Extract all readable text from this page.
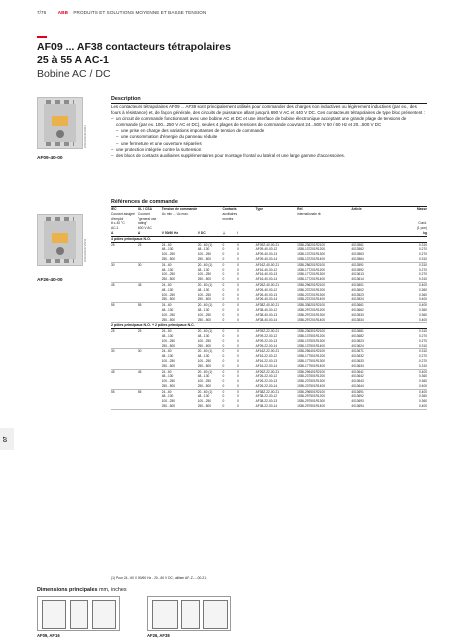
7/76 ABB PRODUITS ET SOLUTIONS MOYENNE ET BASSE TENSION
AF09 ... AF38 contacteurs tétrapolaires
25 à 55 A AC-1
Bobine AC / DC
2CDC221011V0011
AF09-40-00
Description

Les contacteurs tétrapolaires AF09 ... AF38 sont principalement utilisés pour commander des charges non inductives ou légèrement inductives (par ex., des fours à résistance) et, de façon générale, des circuits de puissance allant jusqu'à 690 V AC et 440 V DC. Ces contacteurs tétrapolaires de type bloc présentent :

– un circuit de commande fonctionnant avec une bobine AC et DC et une interface de bobine électronique acceptant une grande plage de tensions de commande (par ex. 100...250 V AC et DC), seules 4 plages de tensions de commande couvrant 24...500 V 50 / 60 Hz et 20...500 V DC
– une prise en charge des variations importantes de tension de commande
– une consommation d'énergie du panneau réduite
– une fermeture et une ouverture séparées
– une protection intégrée contre la surtension
– des blocs de contacts auxiliaires supplémentaires pour montage frontal ou latéral et une large gamme d'accessoires.
Références de commande
2CDC221007V0011
AF26-40-00
IEC	UL / CSA	Tension de commande		Contacts		Type	Réf.	Article	Masse
Courant assigné	Courant	Uc min ... Uc max.		auxiliaires			internationale ⊕		
d'emploi	"general use			montés					
θ ≤ 40 °C	rating"								Cond.
AC-1	600 V AC								(1 pce)
A	A	V 50/60 Hz	V DC	⊥	/				kg
4 pôles principaux N.O.									
25	25	24...60	20...60 (1)	0	0	AF09Z-40-00-21	1SBL236201R2100	4013561	0.310
		48...130	48...130	0	0	AF09-40-00-12	1SBL137201R1200	4013562	0.270
		100...250	100...250	0	0	AF09-40-00-13	1SBL137201R1300	4013563	0.270
		250...500	250...500	0	0	AF09-40-00-14	1SBL137201R1400	4013564	0.310
30	30	24...60	20...60 (1)	0	0	AF16Z-40-00-21	1SBL256201R2100	4013591	0.310
		48...130	48...130	0	0	AF16-40-00-12	1SBL177201R1200	4013592	0.270
		100...250	100...250	0	0	AF16-40-00-13	1SBL177201R1300	4013613	0.270
		250...500	250...500	0	0	AF16-40-00-14	1SBL177201R1400	4013614	0.310
45	45	24...60	20...60 (1)	0	0	AF26Z-40-00-21	1SBL296201R2100	4013601	0.400
		48...130	48...130	0	0	AF26-40-00-12	1SBL237201R1200	4013602	0.360
		100...250	100...250	0	0	AF26-40-00-13	1SBL237201R1300	4013523	0.360
		250...500	250...500	0	0	AF26-40-00-14	1SBL237201R1400	4013524	0.400
55	55	24...60	20...60 (1)	0	0	AF38Z-40-00-21	1SBL336201R2100	4013661	0.400
		48...130	48...130	0	0	AF38-40-00-12	1SBL297201R1200	4013662	0.360
		100...250	100...250	0	0	AF38-40-00-13	1SBL297201R1300	4013533	0.360
		250...500	250...500	0	0	AF38-40-00-14	1SBL297201R1400	4013534	0.400
2 pôles principaux N.O. + 2 pôles principaux N.C.									
25	25	24...60	20...60 (1)	0	0	AF09Z-22-00-21	1SBL236301R2100	4013681	0.310
		48...130	48...130	0	0	AF09-22-00-12	1SBL137501R1200	4013682	0.270
		100...250	100...250	0	0	AF09-22-00-13	1SBL137501R1300	4013623	0.270
		250...500	250...500	0	0	AF09-22-00-14	1SBL137501R1400	4013624	0.310
30	30	24...60	20...60 (1)	0	0	AF16Z-22-00-21	1SBL256401R2100	4013671	0.310
		48...130	48...130	0	0	AF16-22-00-12	1SBL177501R1200	4013632	0.270
		100...250	100...250	0	0	AF16-22-00-13	1SBL177501R1300	4013633	0.270
		250...500	250...500	0	0	AF16-22-00-14	1SBL177501R1400	4013634	0.310
45	45	24...60	20...60 (1)	0	0	AF26Z-22-00-21	1SBL296401R2100	4013641	0.400
		48...130	48...130	0	0	AF26-22-00-12	1SBL237501R1200	4013642	0.360
		100...250	100...250	0	0	AF26-22-00-13	1SBL237501R1300	4013643	0.360
		250...500	250...500	0	0	AF26-22-00-14	1SBL237501R1400	4013644	0.400
55	55	24...60	20...60 (1)	0	0	AF38Z-22-00-21	1SBL296501R2100	4013691	0.400
		48...130	48...130	0	0	AF38-22-00-12	1SBL297501R1200	4013692	0.360
		100...250	100...250	0	0	AF38-22-00-13	1SBL297501R1300	4013693	0.360
		250...500	250...500	0	0	AF38-22-00-14	1SBL297501R1400	4013694	0.400
(1) Pour 24...60 V 50/60 Hz - 20...60 V DC, utiliser AF..Z-...-00-21.
07
Dimensions principales mm, inches
AF09, AF16	AF26, AF38
